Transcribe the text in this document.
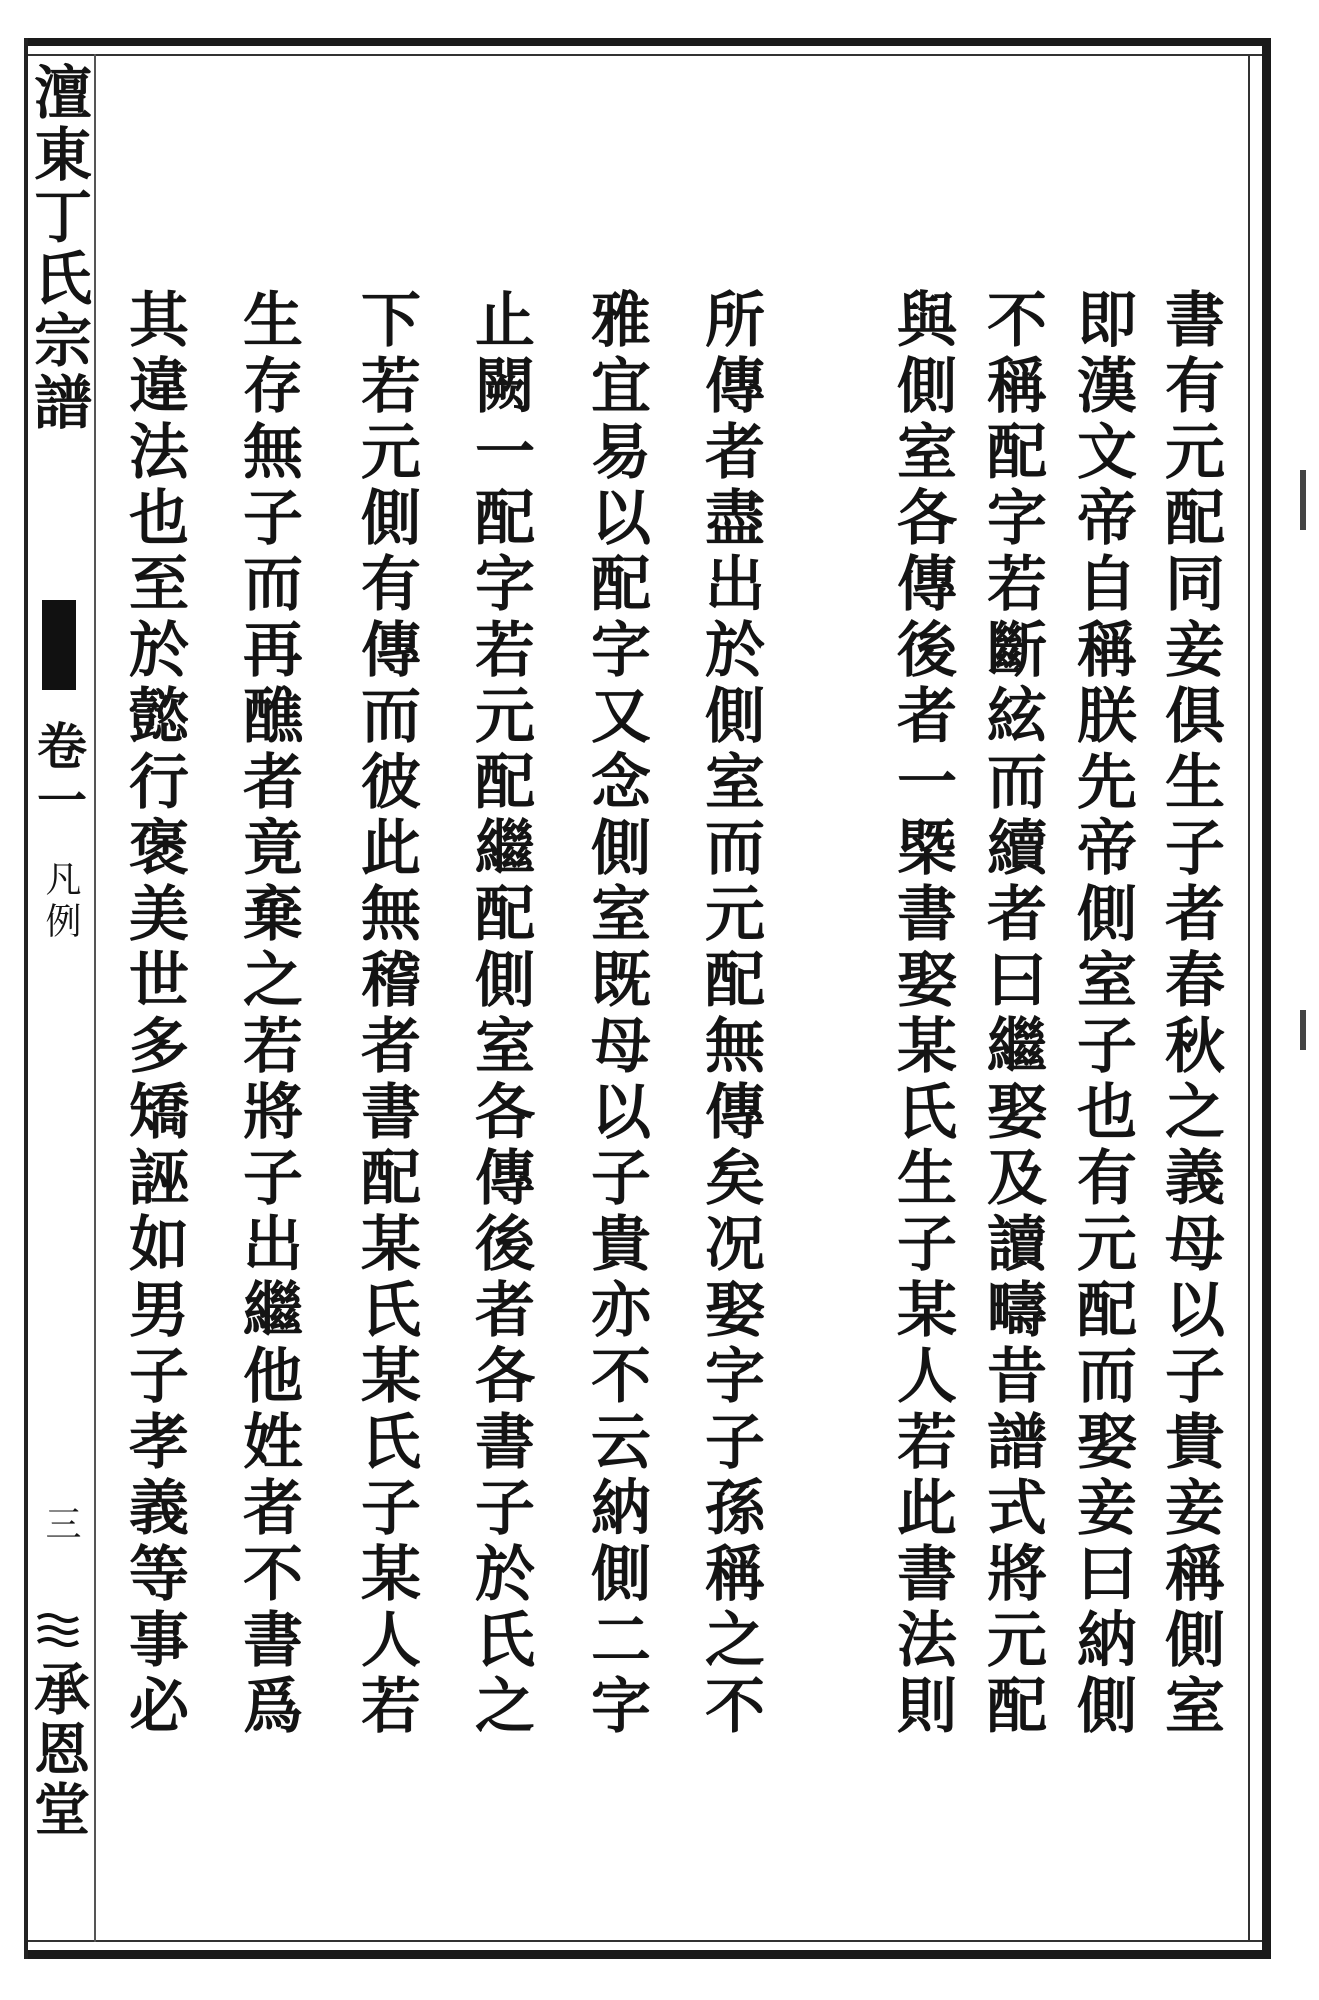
澶東丁氏宗譜
卷一
凡例
三
承恩堂
書有元配同妾俱生子者春秋之義母以子貴妾稱側室
即漢文帝自稱朕先帝側室子也有元配而娶妾曰納側
不稱配字若斷絃而續者曰繼娶及讀疇昔譜式將元配
與側室各傳後者一槩書娶某氏生子某人若此書法則
所傳者盡出於側室而元配無傳矣况娶字子孫稱之不
雅宜易以配字又念側室既母以子貴亦不云納側二字
止闕一配字若元配繼配側室各傳後者各書子於氏之
下若元側有傳而彼此無稽者書配某氏某氏子某人若
生存無子而再醮者竟棄之若將子出繼他姓者不書爲
其違法也至於懿行褒美世多矯誣如男子孝義等事必
